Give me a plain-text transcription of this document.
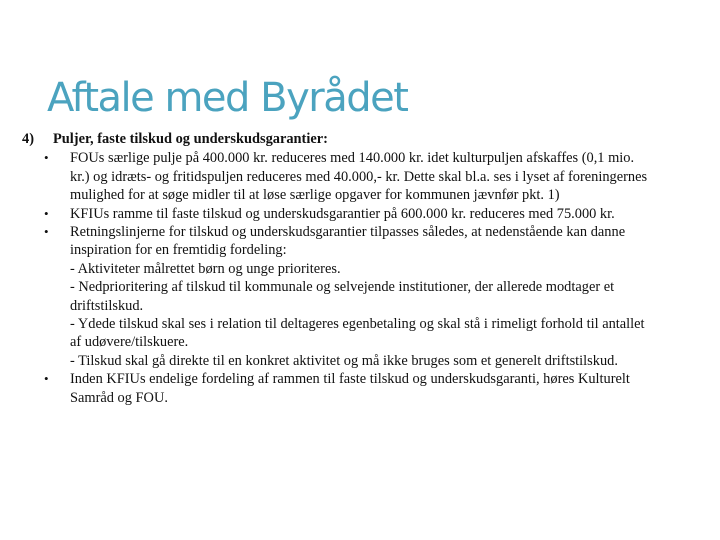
Aftale med Byrådet
4)	Puljer, faste tilskud og underskudsgarantier:
• FOUs særlige pulje på 400.000 kr. reduceres med 140.000 kr. idet kulturpuljen afskaffes (0,1 mio.
kr.) og idræts- og fritidspuljen reduceres med 40.000,- kr. Dette skal bl.a. ses i lyset af foreningernes
mulighed for at søge midler til at løse særlige opgaver for kommunen jævnfør pkt. 1)
• KFIUs ramme til faste tilskud og underskudsgarantier på 600.000 kr. reduceres med 75.000 kr.
• Retningslinjerne for tilskud og underskudsgarantier tilpasses således, at nedenstående kan danne
inspiration for en fremtidig fordeling:
- Aktiviteter målrettet børn og unge prioriteres.
- Nedprioritering af tilskud til kommunale og selvejende institutioner, der allerede modtager et
driftstilskud.
- Ydede tilskud skal ses i relation til deltageres egenbetaling og skal stå i rimeligt forhold til antallet
af udøvere/tilskuere.
- Tilskud skal gå direkte til en konkret aktivitet og må ikke bruges som et generelt driftstilskud.
• Inden KFIUs endelige fordeling af rammen til faste tilskud og underskudsgaranti, høres Kulturelt
Samråd og FOU.
